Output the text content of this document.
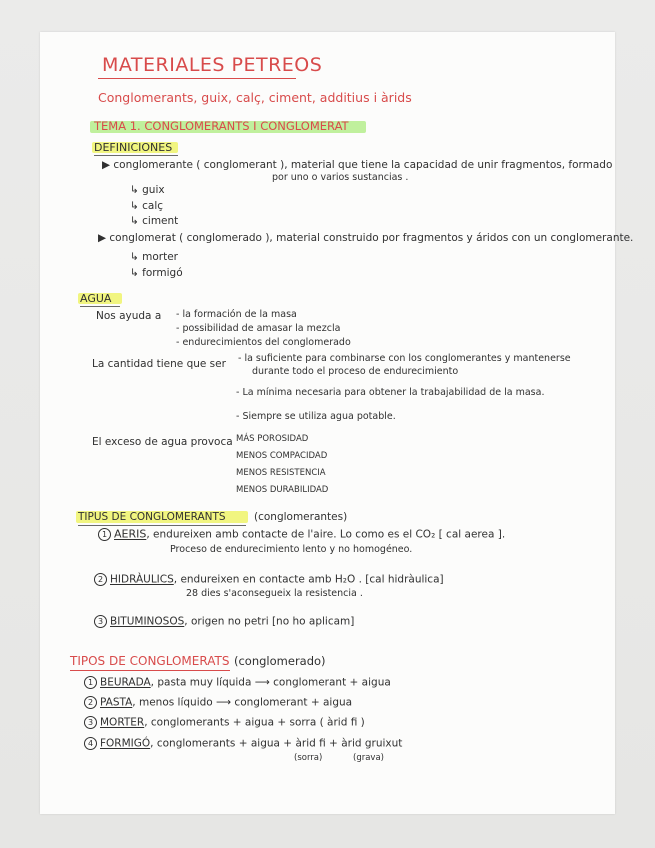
MATERIALES PETREOS
Conglomerants, guix, calç, ciment, additius i àrids
TEMA 1. CONGLOMERANTS I CONGLOMERAT
DEFINICIONES
▶ conglomerante ( conglomerant ), material que tiene la capacidad de unir fragmentos, formado
por uno o varios sustancias .
↳ guix
↳ calç
↳ ciment
▶ conglomerat ( conglomerado ), material construido por fragmentos y áridos con un conglomerante.
↳ morter
↳ formigó
AGUA
Nos ayuda a - la formación de la masa
- possibilidad de amasar la mezcla
- endurecimientos del conglomerado
La cantidad tiene que ser - la suficiente para combinarse con los conglomerantes y mantenerse
durante todo el proceso de endurecimiento
- La mínima necesaria para obtener la trabajabilidad de la masa.
- Siempre se utiliza agua potable.
El exceso de agua provoca MÁS POROSIDAD
MENOS COMPACIDAD
MENOS RESISTENCIA
MENOS DURABILIDAD
TIPUS DE CONGLOMERANTS	(conglomerantes)
1 AERIS, endureixen amb contacte de l'aire. Lo como es el CO₂ [ cal aerea ].
Proceso de endurecimiento lento y no homogéneo.
2 HIDRÀULICS, endureixen en contacte amb H₂O . [cal hidràulica]
28 dies s'aconsegueix la resistencia .
3 BITUMINOSOS, origen no petri [no ho aplicam]
TIPOS DE CONGLOMERATS (conglomerado)
1 BEURADA, pasta muy líquida ⟶ conglomerant + aigua
2 PASTA, menos líquido ⟶ conglomerant + aigua
3 MORTER, conglomerants + aigua + sorra ( àrid fi )
4 FORMIGÓ, conglomerants + aigua + àrid fi + àrid gruixut
(sorra)	(grava)
